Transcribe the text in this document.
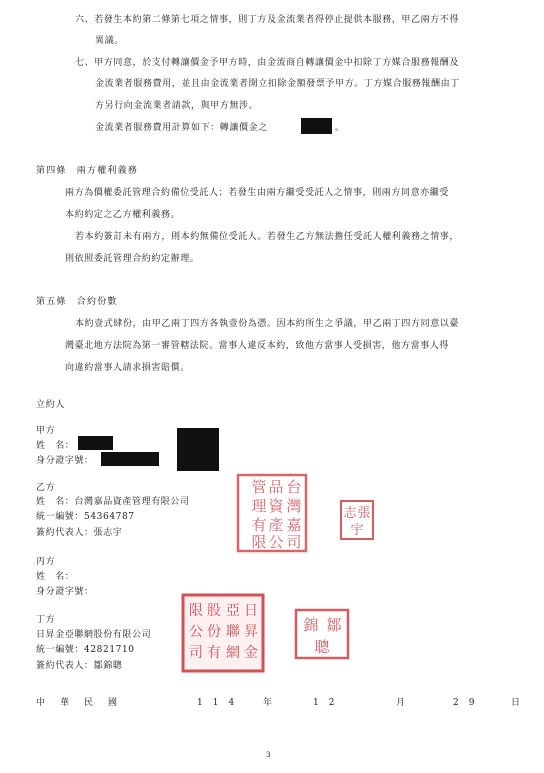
六、若發生本約第二條第七項之情事，則丁方及金流業者得停止提供本服務，甲乙兩方不得
異議。
七、甲方同意，於支付轉讓價金予甲方時，由金流商自轉讓價金中扣除丁方媒合服務報酬及
金流業者服務費用，並且由金流業者開立扣除金額發票予甲方。丁方媒合服務報酬由丁
方另行向金流業者請款，與甲方無涉。
金流業者服務費用計算如下：轉讓價金之	。
第四條　兩方權利義務
兩方為價權委託管理合約備位受託人；若發生由兩方繼受受託人之情事，則兩方同意亦繼受
本約約定之乙方權利義務。
若本約簽訂未有兩方，則本約無備位受託人。若發生乙方無法擔任受託人權利義務之情事，
則依照委託管理合約約定辦理。
第五條　合約份數
本約壹式肆份，由甲乙兩丁四方各執壹份為憑。因本約所生之爭議，甲乙兩丁四方同意以臺
灣臺北地方法院為第一審管轄法院。當事人違反本約，致他方當事人受損害，他方當事人得
向違約當事人請求損害賠償。
立約人
甲方
姓　名：
身分證字號：
乙方
姓　名：台灣嘉品資產管理有限公司
統一編號：54364787
簽約代表人：張志宇
台
灣
嘉
品
資
產
管
理
有
限 公 司
張
志
宇
丙方
姓　名：
身分證字號：
丁方
日昇金亞聯網股份有限公司
統一編號：42821710
簽約代表人：鄒錦聰
日
昇
金
亞
聯
網
股
份
有
限
公
司
鄒
錦
聰
中　華　民　國	114 年	12	月	29	日
3
